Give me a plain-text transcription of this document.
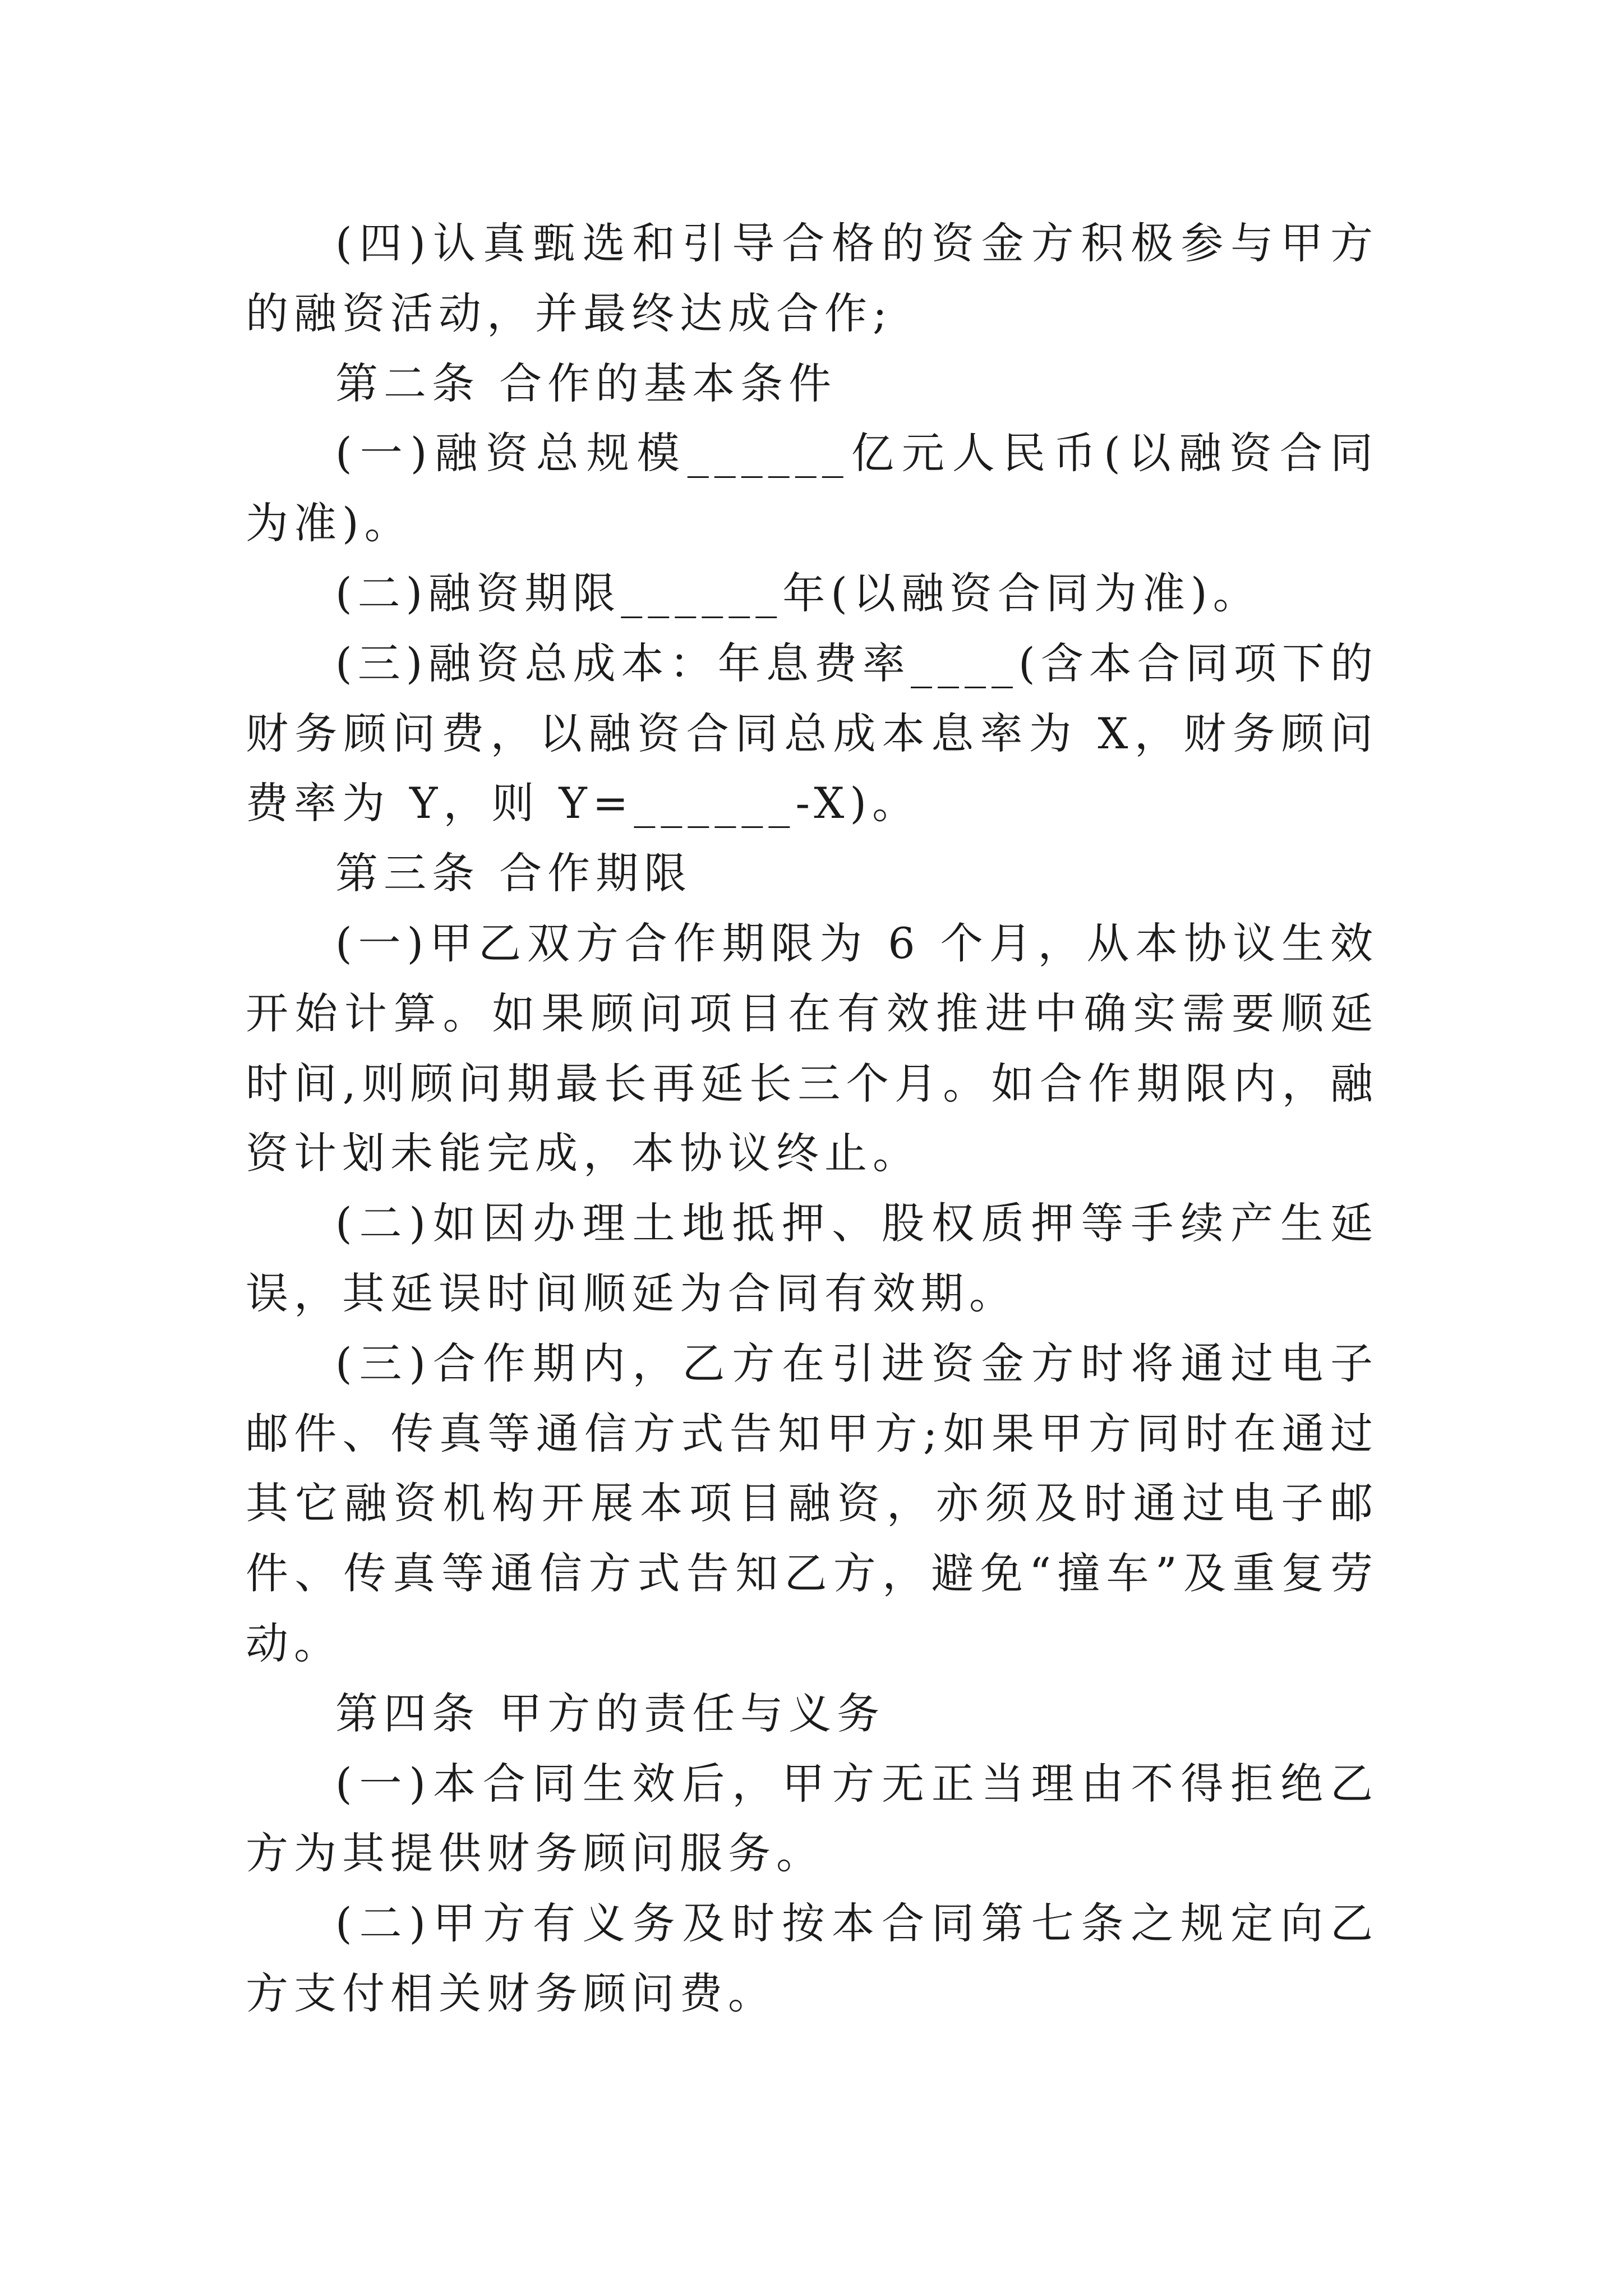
(四)认真甄选和引导合格的资金方积极参与甲方的融资活动，并最终达成合作;

第二条 合作的基本条件

(一)融资总规模______亿元人民币(以融资合同为准)。

(二)融资期限______年(以融资合同为准)。

(三)融资总成本：年息费率____(含本合同项下的财务顾问费，以融资合同总成本息率为 X，财务顾问费率为 Y，则 Y=______-X)。

第三条 合作期限

(一)甲乙双方合作期限为 6 个月，从本协议生效开始计算。如果顾问项目在有效推进中确实需要顺延时间,则顾问期最长再延长三个月。如合作期限内，融资计划未能完成，本协议终止。

(二)如因办理土地抵押、股权质押等手续产生延误，其延误时间顺延为合同有效期。

(三)合作期内，乙方在引进资金方时将通过电子邮件、传真等通信方式告知甲方;如果甲方同时在通过其它融资机构开展本项目融资，亦须及时通过电子邮件、传真等通信方式告知乙方，避免“撞车”及重复劳动。

第四条 甲方的责任与义务

(一)本合同生效后，甲方无正当理由不得拒绝乙方为其提供财务顾问服务。

(二)甲方有义务及时按本合同第七条之规定向乙方支付相关财务顾问费。
